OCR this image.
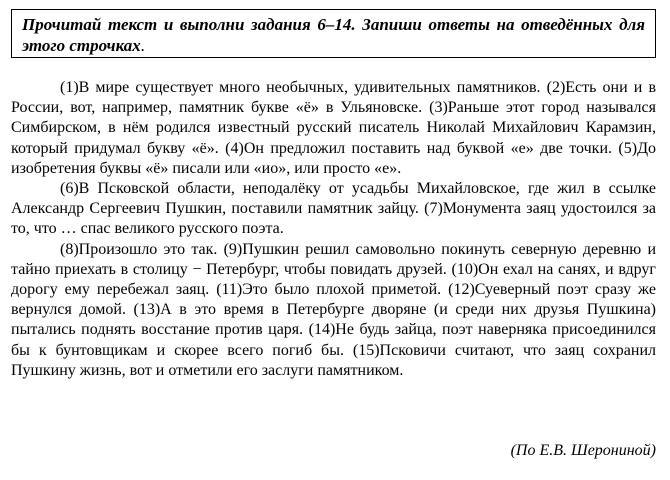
Прочитай текст и выполни задания 6–14. Запиши ответы на отведённых для этого строчках.

(1)В мире существует много необычных, удивительных памятников. (2)Есть они и в России, вот, например, памятник букве «ё» в Ульяновске. (3)Раньше этот город назывался Симбирском, в нём родился известный русский писатель Николай Михайлович Карамзин, который придумал букву «ё». (4)Он предложил поставить над буквой «е» две точки. (5)До изобретения буквы «ё» писали или «ио», или просто «е».

(6)В Псковской области, неподалёку от усадьбы Михайловское, где жил в ссылке Александр Сергеевич Пушкин, поставили памятник зайцу. (7)Монумента заяц удостоился за то, что … спас великого русского поэта.

(8)Произошло это так. (9)Пушкин решил самовольно покинуть северную деревню и тайно приехать в столицу − Петербург, чтобы повидать друзей. (10)Он ехал на санях, и вдруг дорогу ему перебежал заяц. (11)Это было плохой приметой. (12)Суеверный поэт сразу же вернулся домой. (13)А в это время в Петербурге дворяне (и среди них друзья Пушкина) пытались поднять восстание против царя. (14)Не будь зайца, поэт наверняка присоединился бы к бунтовщикам и скорее всего погиб бы. (15)Псковичи считают, что заяц сохранил Пушкину жизнь, вот и отметили его заслуги памятником.

(По Е.В. Шерониной)
